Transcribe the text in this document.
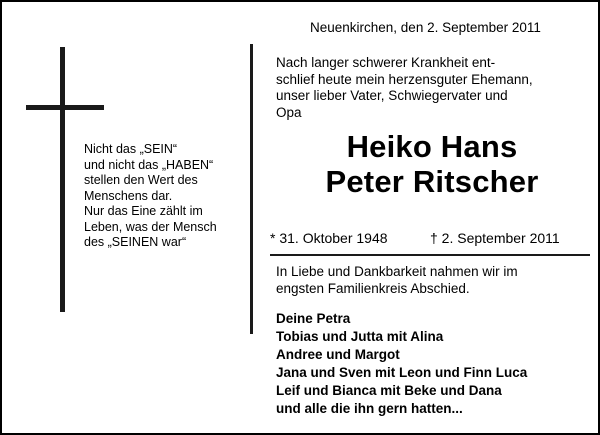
Nicht das „SEIN“
und nicht das „HABEN“
stellen den Wert des
Menschens dar.
Nur das Eine zählt im
Leben, was der Mensch
des „SEINEN war“
Neuenkirchen, den 2. September 2011
Nach langer schwerer Krankheit ent-
schlief heute mein herzensguter Ehemann,
unser lieber Vater, Schwiegervater und
Opa
Heiko Hans
Peter Ritscher
* 31. Oktober 1948	† 2. September 2011
In Liebe und Dankbarkeit nahmen wir im
engsten Familienkreis Abschied.
Deine Petra
Tobias und Jutta mit Alina
Andree und Margot
Jana und Sven mit Leon und Finn Luca
Leif und Bianca mit Beke und Dana
und alle die ihn gern hatten...
